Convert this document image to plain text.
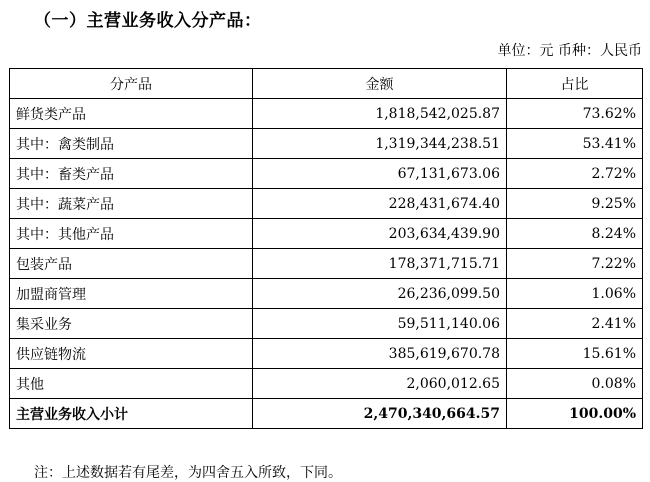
（一）主营业务收入分产品：
单位：元 币种：人民币
分产品	金额	占比
鲜货类产品	1,818,542,025.87	73.62%
其中：禽类制品	1,319,344,238.51	53.41%
其中：畜类产品	67,131,673.06	2.72%
其中：蔬菜产品	228,431,674.40	9.25%
其中：其他产品	203,634,439.90	8.24%
包装产品	178,371,715.71	7.22%
加盟商管理	26,236,099.50	1.06%
集采业务	59,511,140.06	2.41%
供应链物流	385,619,670.78	15.61%
其他	2,060,012.65	0.08%
主营业务收入小计	2,470,340,664.57	100.00%
注：上述数据若有尾差，为四舍五入所致，下同。
